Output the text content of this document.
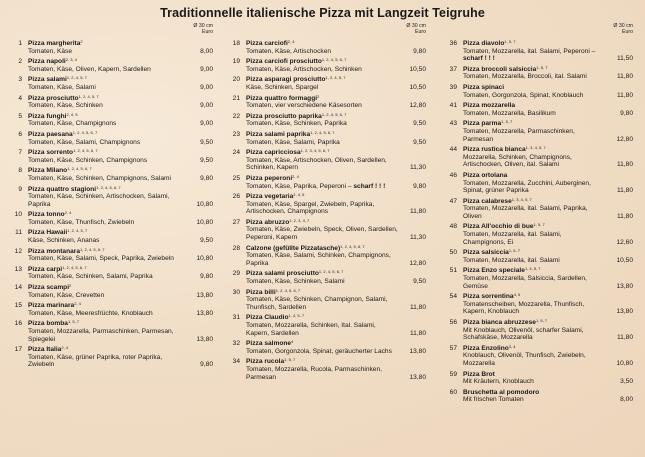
Traditionnelle italienische Pizza mit Langzeit Teigruhe
Ø 30 cm
Euro
1 Pizza margherita$^2$
Tomaten, Käse	8,00
2 Pizza napoli$^{2, 3, 4}$
Tomaten, Käse, Oliven, Kapern, Sardellen	9,00
3 Pizza salami$^{1, 2, 4, 5, 7}$
Tomaten, Käse, Salami	9,00
4 Pizza prosciutto$^{1, 2, 4, 5, 7}$
Tomaten, Käse, Schinken	9,00
5 Pizza funghi$^{2, 4, 5}$
Tomaten, Käse, Champignons	9,00
6 Pizza paesana$^{1, 2, 4, 5, 6, 7}$
Tomaten, Käse, Salami, Champignons	9,50
7 Pizza sorrento$^{1, 2, 4, 5, 6, 7}$
Tomaten, Käse, Schinken, Champignons	9,50
8 Pizza Milano$^{1, 2, 4, 5, 6, 7}$
Tomaten, Käse, Schinken, Champignons, Salami	9,80
9 Pizza quattro stagioni$^{1, 2, 4, 5, 6, 7}$
Tomaten, Käse, Schinken, Artischocken, Salami, Paprika	10,80
10 Pizza tonno$^{2, 4}$
Tomaten, Käse, Thunfisch, Zwiebeln	10,80
11 Pizza Hawaii$^{1, 2, 4, 5, 7}$
Käse, Schinken, Ananas	9,50
12 Pizza montanara$^{1, 2, 4, 5, 6, 7}$
Tomaten, Käse, Salami, Speck, Paprika, Zwiebeln	10,80
13 Pizza carpi$^{1, 2, 4, 5, 6, 7}$
Tomaten, Käse, Schinken, Salami, Paprika	9,80
14 Pizza scampi$^2$
Tomaten, Käse, Crevetten	13,80
15 Pizza marinara$^{2, 4}$
Tomaten, Käse, Meeresfrüchte, Knoblauch	13,80
16 Pizza bomba$^{1, 5, 7}$
Tomaten, Mozzarella, Parmaschinken, Parmesan, Spiegelei	13,80
17 Pizza Italia$^{2, 4}$
Tomaten, Käse, grüner Paprika, roter Paprika, Zwiebeln	9,80
Ø 30 cm
Euro
18 Pizza carciofi$^{2, 4}$
Tomaten, Käse, Artischocken	9,80
19 Pizza carciofi prosciutto$^{1, 2, 4, 5, 6, 7}$
Tomaten, Käse, Artischocken, Schinken	10,50
20 Pizza asparagi prosciutto$^{1, 2, 4, 5, 7}$
Käse, Schinken, Spargel	10,50
21 Pizza quattro formaggi$^2$
Tomaten, vier verschiedene Käsesorten	12,80
22 Pizza prosciutto paprika$^{1, 2, 4, 5, 6, 7}$
Tomaten, Käse, Schinken, Paprika	9,50
23 Pizza salami paprika$^{1, 2, 4, 5, 6, 7}$
Tomaten, Käse, Salami, Paprika	9,50
24 Pizza capricciosa$^{1, 2, 3, 4, 5, 6, 7}$
Tomaten, Käse, Artischocken, Oliven, Sardellen, Schinken, Kapern	11,30
25 Pizza peperoni$^{2, 4}$
Tomaten, Käse, Paprika, Peperoni – scharf ! ! !	9,80
26 Pizza vegetaria$^{2, 4, 5}$
Tomaten, Käse, Spargel, Zwiebeln, Paprika, Artischocken, Champignons	11,80
27 Pizza abruzzo$^{1, 2, 3, 4, 7}$
Tomaten, Käse, Zwiebeln, Speck, Oliven, Sardellen, Peperoni, Kapern	11,30
28 Calzone (gefüllte Pizzatasche)$^{1, 2, 4, 5, 6, 7}$
Tomaten, Käse, Salami, Schinken, Champignons, Paprika	12,80
29 Pizza salami prosciutto$^{1, 2, 4, 5, 6, 7}$
Tomaten, Käse, Schinken, Salami	9,50
30 Pizza billi$^{1, 2, 4, 5, 6, 7}$
Tomaten, Käse, Schinken, Champignon, Salami, Thunfisch, Sardellen	11,80
31 Pizza Claudio$^{1, 4, 5, 7}$
Tomaten, Mozzarella, Schinken, Ital. Salami, Kapern, Sardellen	11,80
32 Pizza salmone$^4$
Tomaten, Gorgonzola, Spinat, geräucherter Lachs	13,80
34 Pizza rucola$^{1, 5, 7}$
Tomaten, Mozzarella, Rucola, Parmaschinken, Parmesan	13,80
Ø 30 cm
Euro
36 Pizza diavolo$^{1, 5, 7}$
Tomaten, Mozzarella, ital. Salami, Peperoni – scharf ! ! !	11,50
37 Pizza broccoli salsiccia$^{1, 5, 7}$
Tomaten, Mozzarella, Broccoli, ital. Salami	11,80
39 Pizza spinaci
Tomaten, Gorgonzola, Spinat, Knoblauch	11,80
41 Pizza mozzarella
Tomaten, Mozzarella, Basilikum	9,80
43 Pizza parma$^{1, 5, 7}$
Tomaten, Mozzarella, Parmaschinken, Parmesan	12,80
44 Pizza rustica bianca$^{1, 3, 4, 5, 7}$
Mozzarella, Schinken, Champignons, Artischocken, Oliven, ital. Salami	11,80
46 Pizza ortolana
Tomaten, Mozzarella, Zucchini, Auberginen, Spinat, grüner Paprika	11,80
47 Pizza calabrese$^{1, 3, 4, 5, 7}$
Tomaten, Mozzarella, ital. Salami, Paprika, Oliven	11,80
48 Pizza All'occhio di bue$^{1, 5, 7}$
Tomaten, Mozzarella, ital. Salami, Champignons, Ei	12,60
50 Pizza salsiccia$^{1, 5, 7}$
Tomaten, Mozzarella, ital. Salami	10,50
51 Pizza Enzo speciale$^{1, 4, 5, 7}$
Tomaten, Mozzarella, Salsiccia, Sardellen, Gemüse	13,80
54 Pizza sorrentina$^{4, 5}$
Tomatenscheiben, Mozzarella, Thunfisch, Kapern, Knoblauch	13,80
56 Pizza bianca abruzzese$^{1, 5, 7}$
Mit Knoblauch, Olivenöl, scharfer Salami, Schafskäse, Mozzarella	11,80
57 Pizza Enzolino$^{3, 4}$
Knoblauch, Olivenöl, Thunfisch, Zwiebeln, Mozzarella	10,80
59 Pizza Brot
Mit Kräutern, Knoblauch	3,50
60 Bruschetta al pomodoro
Mit frischen Tomaten	8,00
